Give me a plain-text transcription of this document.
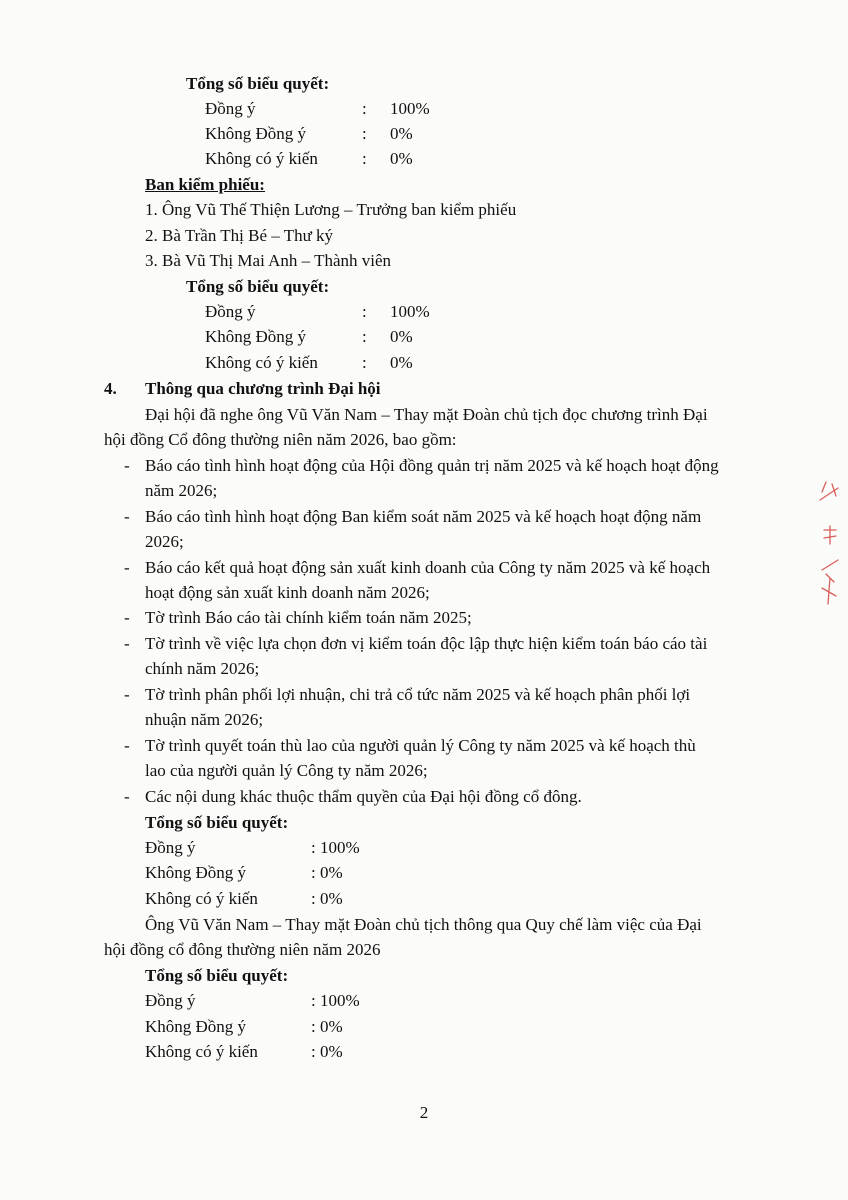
Tổng số biểu quyết:
Đồng ý	: 100%
Không Đồng ý	: 0%
Không có ý kiến	: 0%
Ban kiểm phiếu:
1. Ông Vũ Thế Thiện Lương – Trưởng ban kiểm phiếu
2. Bà Trần Thị Bé – Thư ký
3. Bà Vũ Thị Mai Anh – Thành viên
Tổng số biểu quyết:
Đồng ý	: 100%
Không Đồng ý	: 0%
Không có ý kiến	: 0%
4. Thông qua chương trình Đại hội
Đại hội đã nghe ông Vũ Văn Nam – Thay mặt Đoàn chủ tịch đọc chương trình Đại
hội đồng Cổ đông thường niên năm 2026, bao gồm:
- Báo cáo tình hình hoạt động của Hội đồng quản trị năm 2025 và kế hoạch hoạt động
năm 2026;
- Báo cáo tình hình hoạt động Ban kiểm soát năm 2025 và kế hoạch hoạt động năm
2026;
- Báo cáo kết quả hoạt động sản xuất kinh doanh của Công ty năm 2025 và kế hoạch
hoạt động sản xuất kinh doanh năm 2026;
- Tờ trình Báo cáo tài chính kiểm toán năm 2025;
- Tờ trình về việc lựa chọn đơn vị kiểm toán độc lập thực hiện kiểm toán báo cáo tài
chính năm 2026;
- Tờ trình phân phối lợi nhuận, chi trả cổ tức năm 2025 và kế hoạch phân phối lợi
nhuận năm 2026;
- Tờ trình quyết toán thù lao của người quản lý Công ty năm 2025 và kế hoạch thù
lao của người quản lý Công ty năm 2026;
- Các nội dung khác thuộc thẩm quyền của Đại hội đồng cổ đông.
Tổng số biểu quyết:
Đồng ý	: 100%
Không Đồng ý	: 0%
Không có ý kiến	: 0%
Ông Vũ Văn Nam – Thay mặt Đoàn chủ tịch thông qua Quy chế làm việc của Đại
hội đồng cổ đông thường niên năm 2026
Tổng số biểu quyết:
Đồng ý	: 100%
Không Đồng ý	: 0%
Không có ý kiến	: 0%
2
